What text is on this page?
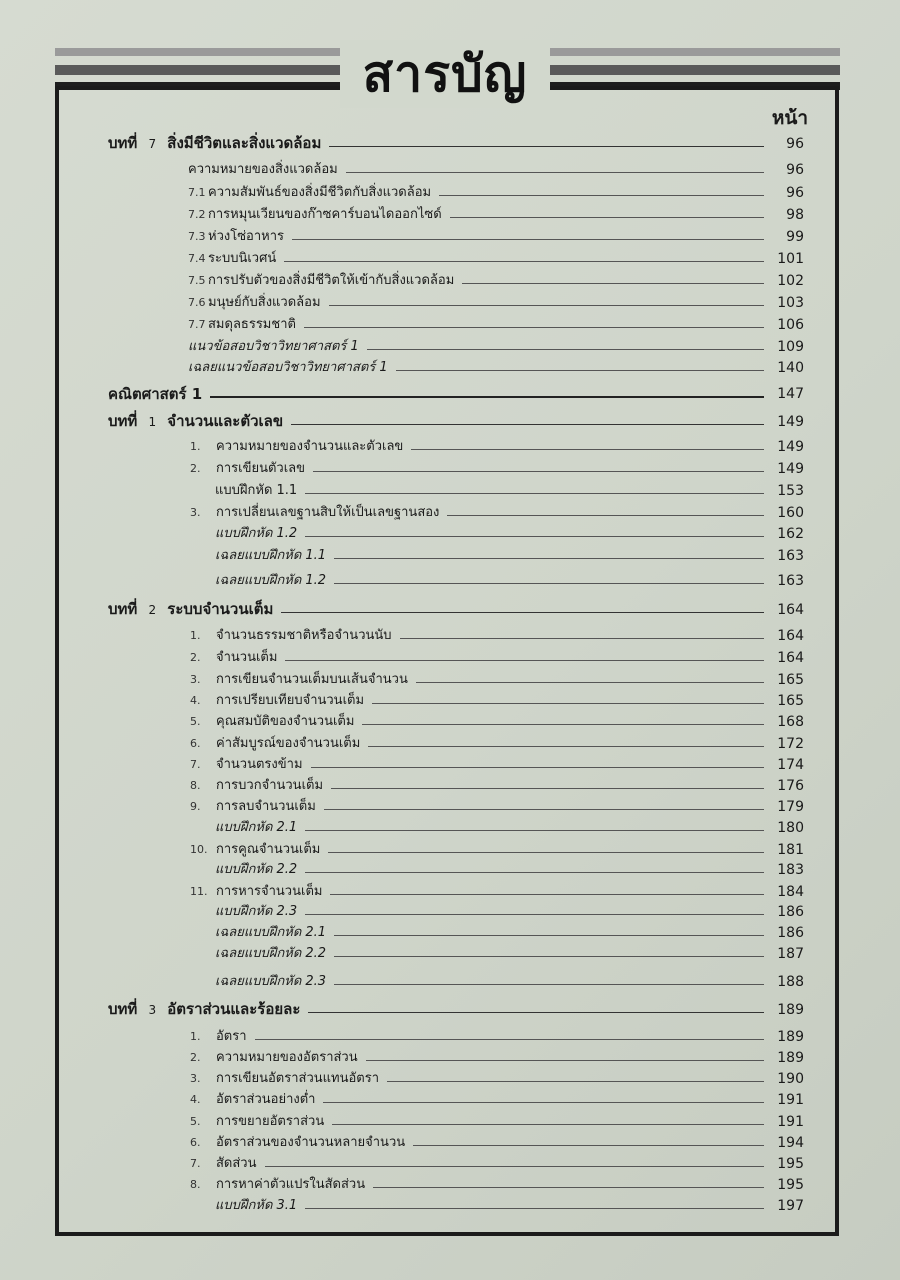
สารบัญ
หน้า
บทที่ 7 สิ่งมีชีวิตและสิ่งแวดล้อม	96
ความหมายของสิ่งแวดล้อม	96
7.1 ความสัมพันธ์ของสิ่งมีชีวิตกับสิ่งแวดล้อม	96
7.2 การหมุนเวียนของก๊าซคาร์บอนไดออกไซด์	98
7.3 ห่วงโซ่อาหาร	99
7.4 ระบบนิเวศน์	101
7.5 การปรับตัวของสิ่งมีชีวิตให้เข้ากับสิ่งแวดล้อม	102
7.6 มนุษย์กับสิ่งแวดล้อม	103
7.7 สมดุลธรรมชาติ	106
แนวข้อสอบวิชาวิทยาศาสตร์ 1	109
เฉลยแนวข้อสอบวิชาวิทยาศาสตร์ 1	140
คณิตศาสตร์ 1	147
บทที่ 1 จำนวนและตัวเลข	149
1. ความหมายของจำนวนและตัวเลข	149
2. การเขียนตัวเลข	149
แบบฝึกหัด 1.1	153
3. การเปลี่ยนเลขฐานสิบให้เป็นเลขฐานสอง	160
แบบฝึกหัด 1.2	162
เฉลยแบบฝึกหัด 1.1	163
เฉลยแบบฝึกหัด 1.2	163
บทที่ 2 ระบบจำนวนเต็ม	164
1. จำนวนธรรมชาติหรือจำนวนนับ	164
2. จำนวนเต็ม	164
3. การเขียนจำนวนเต็มบนเส้นจำนวน	165
4. การเปรียบเทียบจำนวนเต็ม	165
5. คุณสมบัติของจำนวนเต็ม	168
6. ค่าสัมบูรณ์ของจำนวนเต็ม	172
7. จำนวนตรงข้าม	174
8. การบวกจำนวนเต็ม	176
9. การลบจำนวนเต็ม	179
แบบฝึกหัด 2.1	180
10. การคูณจำนวนเต็ม	181
แบบฝึกหัด 2.2	183
11. การหารจำนวนเต็ม	184
แบบฝึกหัด 2.3	186
เฉลยแบบฝึกหัด 2.1	186
เฉลยแบบฝึกหัด 2.2	187
เฉลยแบบฝึกหัด 2.3	188
บทที่ 3 อัตราส่วนและร้อยละ	189
1. อัตรา	189
2. ความหมายของอัตราส่วน	189
3. การเขียนอัตราส่วนแทนอัตรา	190
4. อัตราส่วนอย่างต่ำ	191
5. การขยายอัตราส่วน	191
6. อัตราส่วนของจำนวนหลายจำนวน	194
7. สัดส่วน	195
8. การหาค่าตัวแปรในสัดส่วน	195
แบบฝึกหัด 3.1	197
